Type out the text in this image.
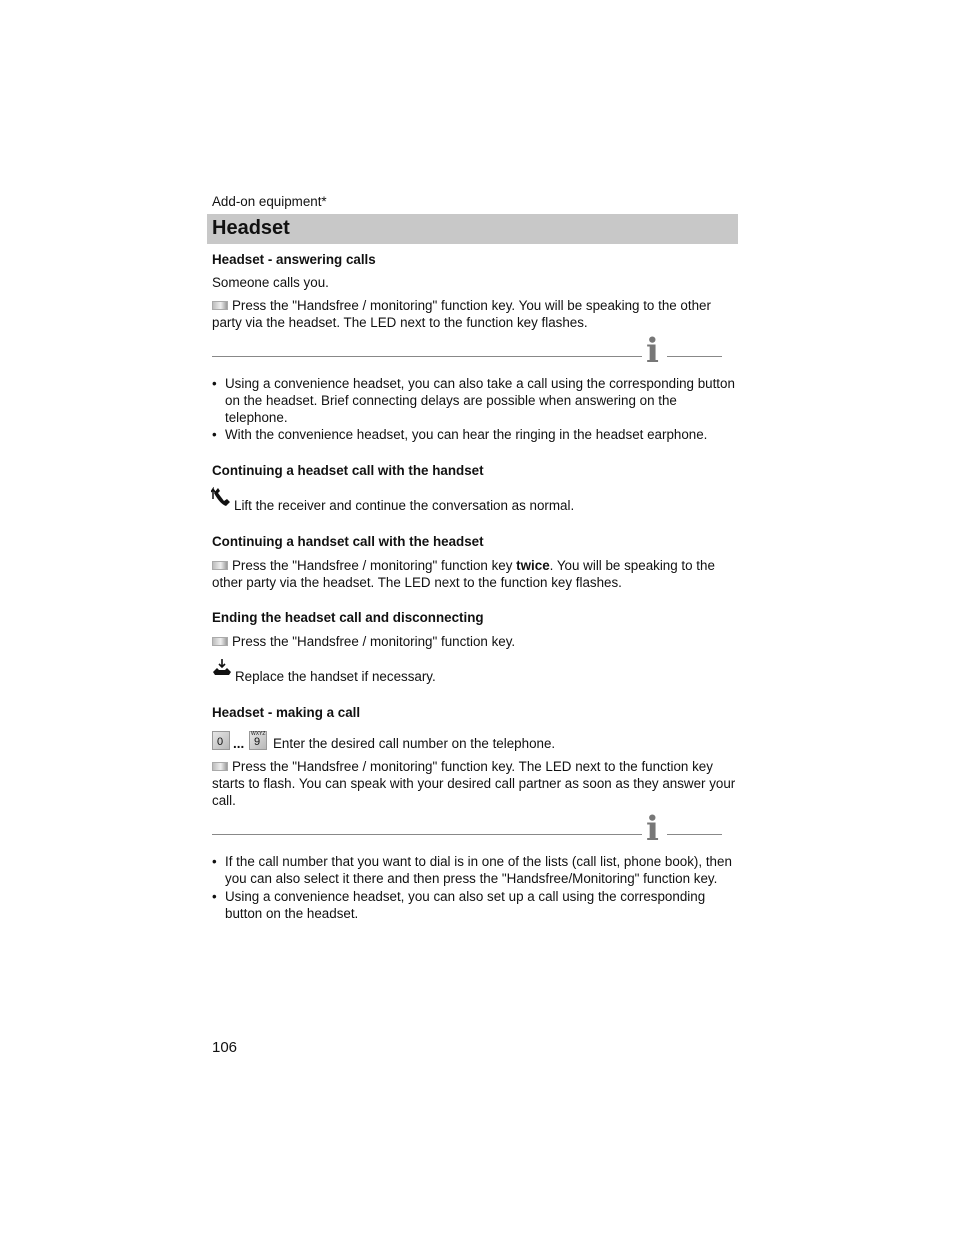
Add-on equipment*
Headset
Headset - answering calls
Someone calls you.
Press the "Handsfree / monitoring" function key. You will be speaking to the other party via the headset. The LED next to the function key flashes.
i
• Using a convenience headset, you can also take a call using the corresponding button on the headset. Brief connecting delays are possible when answering on the telephone.
• With the convenience headset, you can hear the ringing in the headset earphone.
Continuing a headset call with the handset
Lift the receiver and continue the conversation as normal.
Continuing a handset call with the headset
Press the "Handsfree / monitoring" function key twice. You will be speaking to the other party via the headset. The LED next to the function key flashes.
Ending the headset call and disconnecting
Press the "Handsfree / monitoring" function key.
Replace the handset if necessary.
Headset - making a call
0 ...
WXYZ
9 Enter the desired call number on the telephone.
Press the "Handsfree / monitoring" function key. The LED next to the function key starts to flash. You can speak with your desired call partner as soon as they answer your call.
i
• If the call number that you want to dial is in one of the lists (call list, phone book), then you can also select it there and then press the "Handsfree/Monitoring" function key.
• Using a convenience headset, you can also set up a call using the corresponding button on the headset.
106
